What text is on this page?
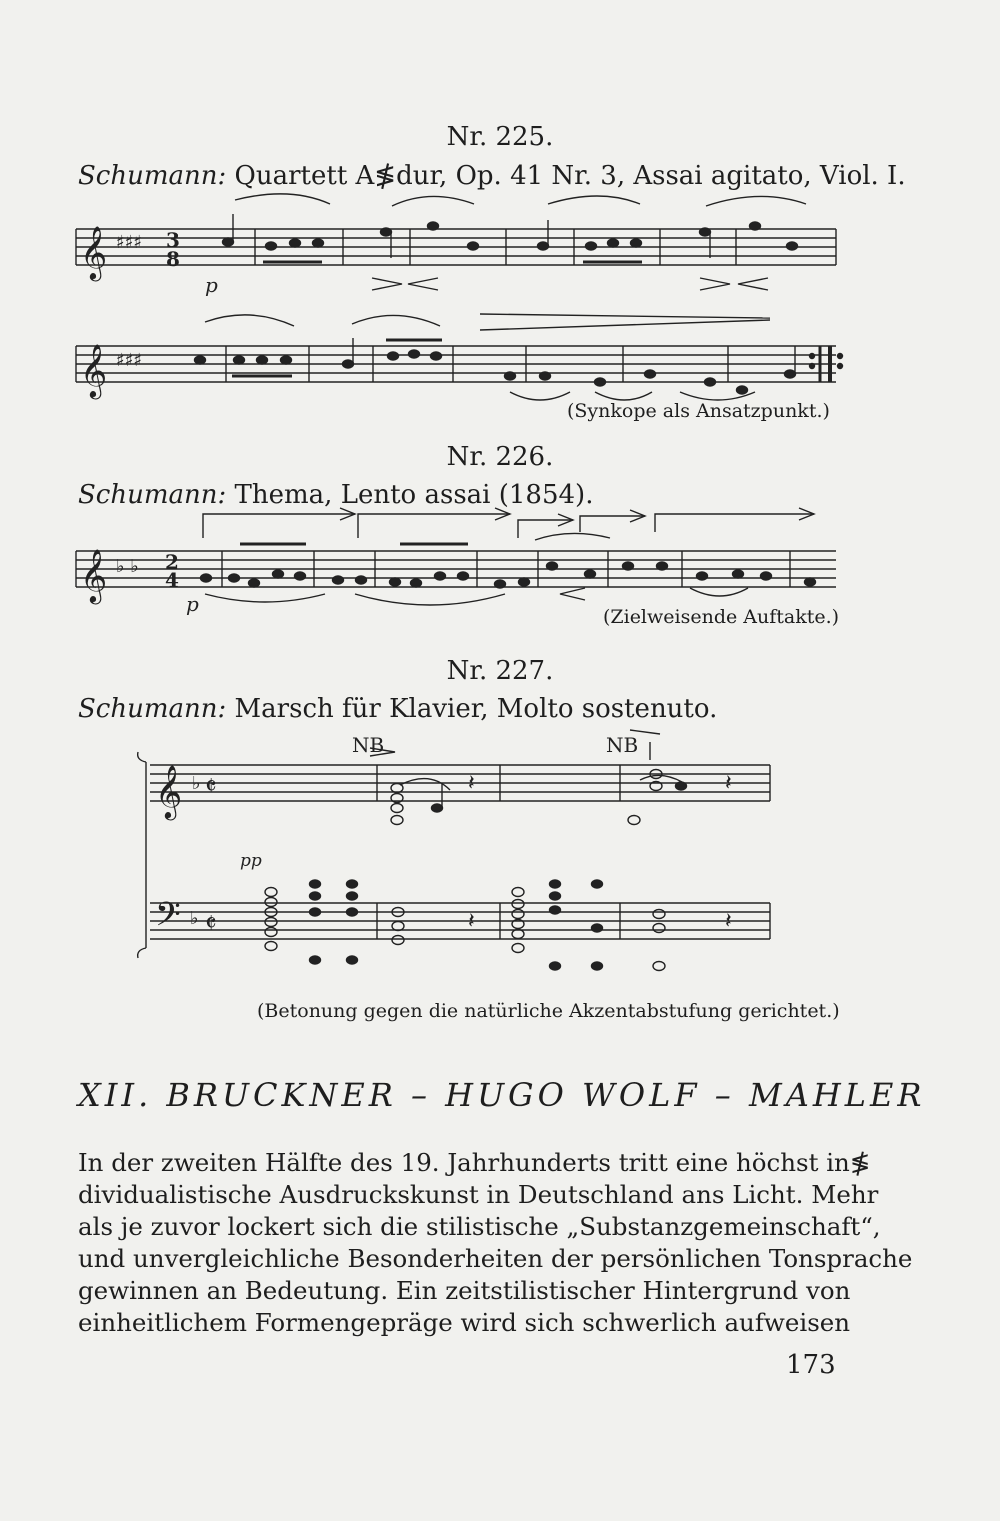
Nr. 225.
Schumann: Quartett A≸dur, Op. 41 Nr. 3, Assai agitato, Viol. I.
(Synkope als Ansatzpunkt.)
Nr. 226.
Schumann: Thema, Lento assai (1854).
(Zielweisende Auftakte.)
Nr. 227.
Schumann: Marsch für Klavier, Molto sostenuto.
(Betonung gegen die natürliche Akzentabstufung gerichtet.)
𝄞 ♯♯♯ 3
8
p
𝄞 ♯♯♯
𝄞 ♭ ♭ 2
4
p
NB	NB
pp
𝄞 ♭ 𝄵
𝄢 ♭ 𝄵
𝄽	𝄽
𝄽	𝄽
XII. BRUCKNER – HUGO WOLF – MAHLER
In der zweiten Hälfte des 19. Jahrhunderts tritt eine höchst in≸
dividualistische Ausdruckskunst in Deutschland ans Licht. Mehr
als je zuvor lockert sich die stilistische „Substanzgemeinschaft“,
und unvergleichliche Besonderheiten der persönlichen Tonsprache
gewinnen an Bedeutung. Ein zeitstilistischer Hintergrund von
einheitlichem Formengepräge wird sich schwerlich aufweisen
173
